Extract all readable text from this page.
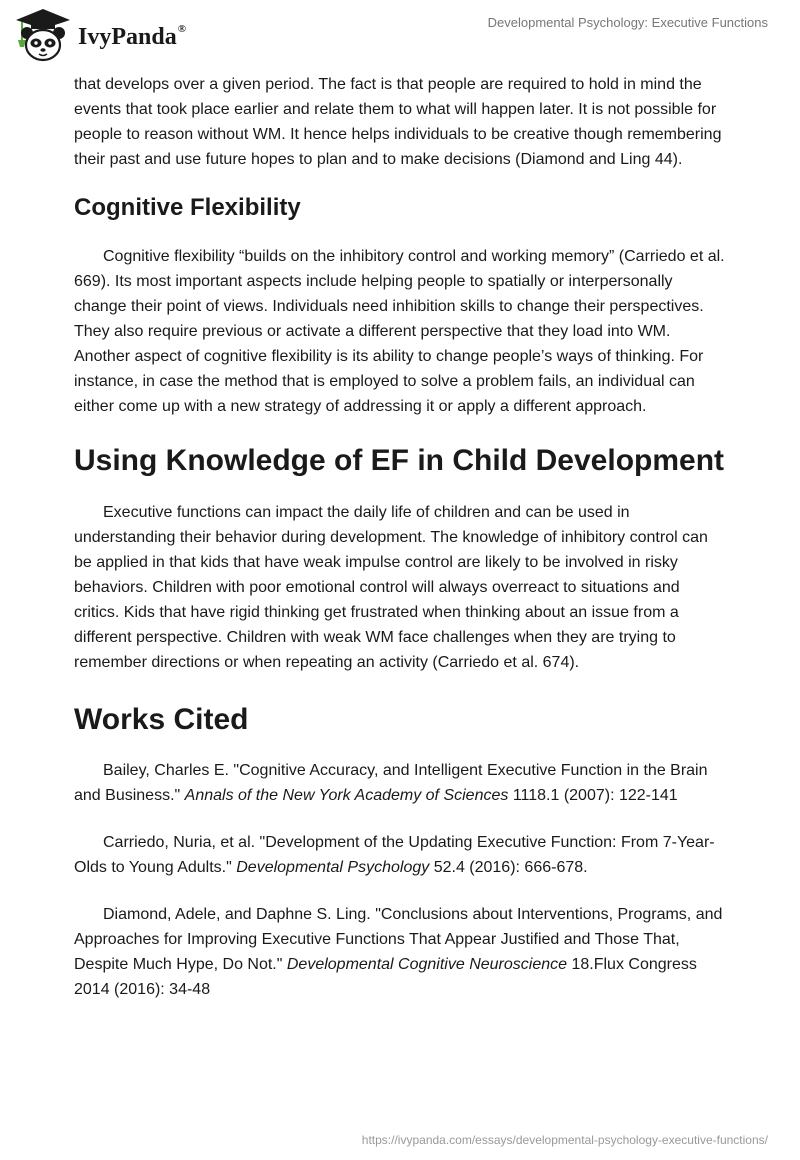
IvyPanda®	Developmental Psychology: Executive Functions

that develops over a given period. The fact is that people are required to hold in mind the events that took place earlier and relate them to what will happen later. It is not possible for people to reason without WM. It hence helps individuals to be creative though remembering their past and use future hopes to plan and to make decisions (Diamond and Ling 44).

Cognitive Flexibility

Cognitive flexibility “builds on the inhibitory control and working memory” (Carriedo et al. 669). Its most important aspects include helping people to spatially or interpersonally change their point of views. Individuals need inhibition skills to change their perspectives. They also require previous or activate a different perspective that they load into WM. Another aspect of cognitive flexibility is its ability to change people’s ways of thinking. For instance, in case the method that is employed to solve a problem fails, an individual can either come up with a new strategy of addressing it or apply a different approach.

Using Knowledge of EF in Child Development

Executive functions can impact the daily life of children and can be used in understanding their behavior during development. The knowledge of inhibitory control can be applied in that kids that have weak impulse control are likely to be involved in risky behaviors. Children with poor emotional control will always overreact to situations and critics. Kids that have rigid thinking get frustrated when thinking about an issue from a different perspective. Children with weak WM face challenges when they are trying to remember directions or when repeating an activity (Carriedo et al. 674).

Works Cited

Bailey, Charles E. "Cognitive Accuracy, and Intelligent Executive Function in the Brain and Business." Annals of the New York Academy of Sciences 1118.1 (2007): 122-141

Carriedo, Nuria, et al. "Development of the Updating Executive Function: From 7-Year-Olds to Young Adults." Developmental Psychology 52.4 (2016): 666-678.

Diamond, Adele, and Daphne S. Ling. "Conclusions about Interventions, Programs, and Approaches for Improving Executive Functions That Appear Justified and Those That, Despite Much Hype, Do Not." Developmental Cognitive Neuroscience 18.Flux Congress 2014 (2016): 34-48

https://ivypanda.com/essays/developmental-psychology-executive-functions/
